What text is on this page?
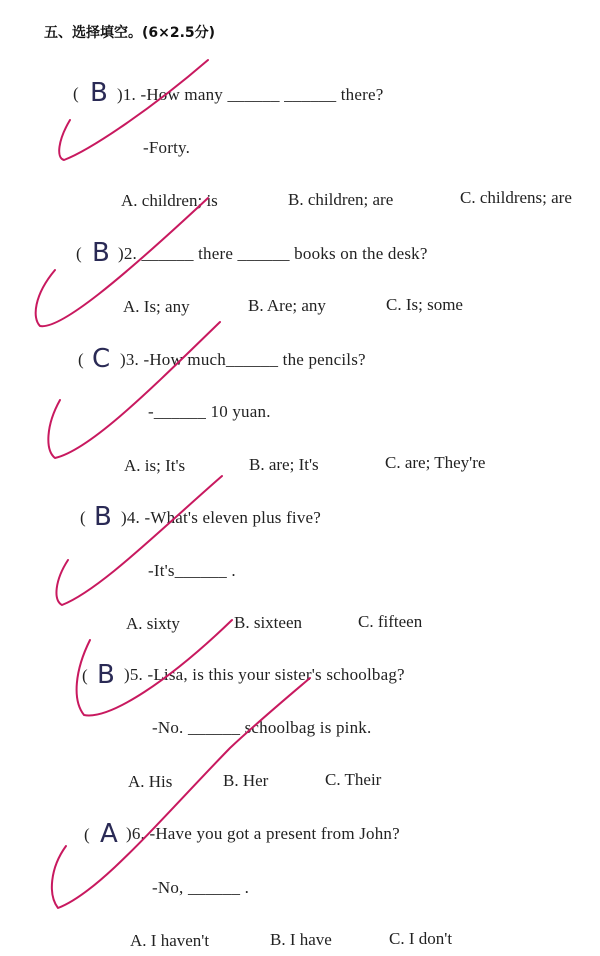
五、选择填空。(6×2.5分)
( B )1. -How many ______ ______ there?
-Forty.
A. children; is	B. children; are	C. childrens; are
( B )2. ______ there ______ books on the desk?
A. Is; any	B. Are; any	C. Is; some
( C )3. -How much______ the pencils?
-______ 10 yuan.
A. is; It's	B. are; It's	C. are; They're
( B )4. -What's eleven plus five?
-It's______ .
A. sixty	B. sixteen	C. fifteen
( B )5. -Lisa, is this your sister's schoolbag?
-No. ______ schoolbag is pink.
A. His	B. Her	C. Their
( A )6. -Have you got a present from John?
-No, ______ .
A. I haven't	B. I have	C. I don't
